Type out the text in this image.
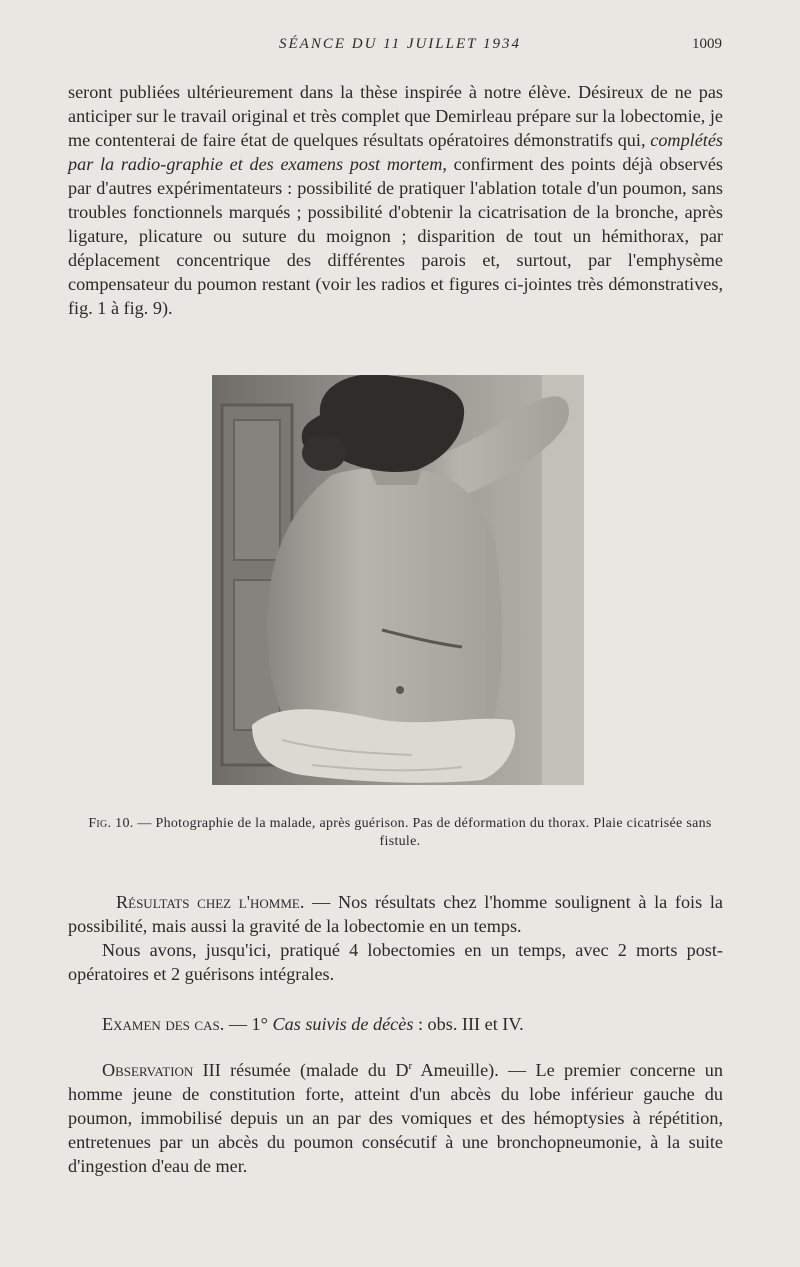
SÉANCE DU 11 JUILLET 1934	1009

seront publiées ultérieurement dans la thèse inspirée à notre élève. Désireux de ne pas anticiper sur le travail original et très complet que Demirleau prépare sur la lobectomie, je me contenterai de faire état de quelques résultats opératoires démonstratifs qui, complétés par la radio-graphie et des examens post mortem, confirment des points déjà observés par d'autres expérimentateurs : possibilité de pratiquer l'ablation totale d'un poumon, sans troubles fonctionnels marqués ; possibilité d'obtenir la cicatrisation de la bronche, après ligature, plicature ou suture du moignon ; disparition de tout un hémithorax, par déplacement concentrique des différentes parois et, surtout, par l'emphysème compensateur du poumon restant (voir les radios et figures ci-jointes très démonstratives, fig. 1 à fig. 9).

Fig. 10. — Photographie de la malade, après guérison. Pas de déformation du thorax. Plaie cicatrisée sans fistule.

Résultats chez l'homme. — Nos résultats chez l'homme soulignent à la fois la possibilité, mais aussi la gravité de la lobectomie en un temps.

Nous avons, jusqu'ici, pratiqué 4 lobectomies en un temps, avec 2 morts post-opératoires et 2 guérisons intégrales.

Examen des cas. — 1° Cas suivis de décès : obs. III et IV.

Observation III résumée (malade du $D^r$ Ameuille). — Le premier concerne un homme jeune de constitution forte, atteint d'un abcès du lobe inférieur gauche du poumon, immobilisé depuis un an par des vomiques et des hémoptysies à répétition, entretenues par un abcès du poumon consécutif à une bronchopneumonie, à la suite d'ingestion d'eau de mer.
